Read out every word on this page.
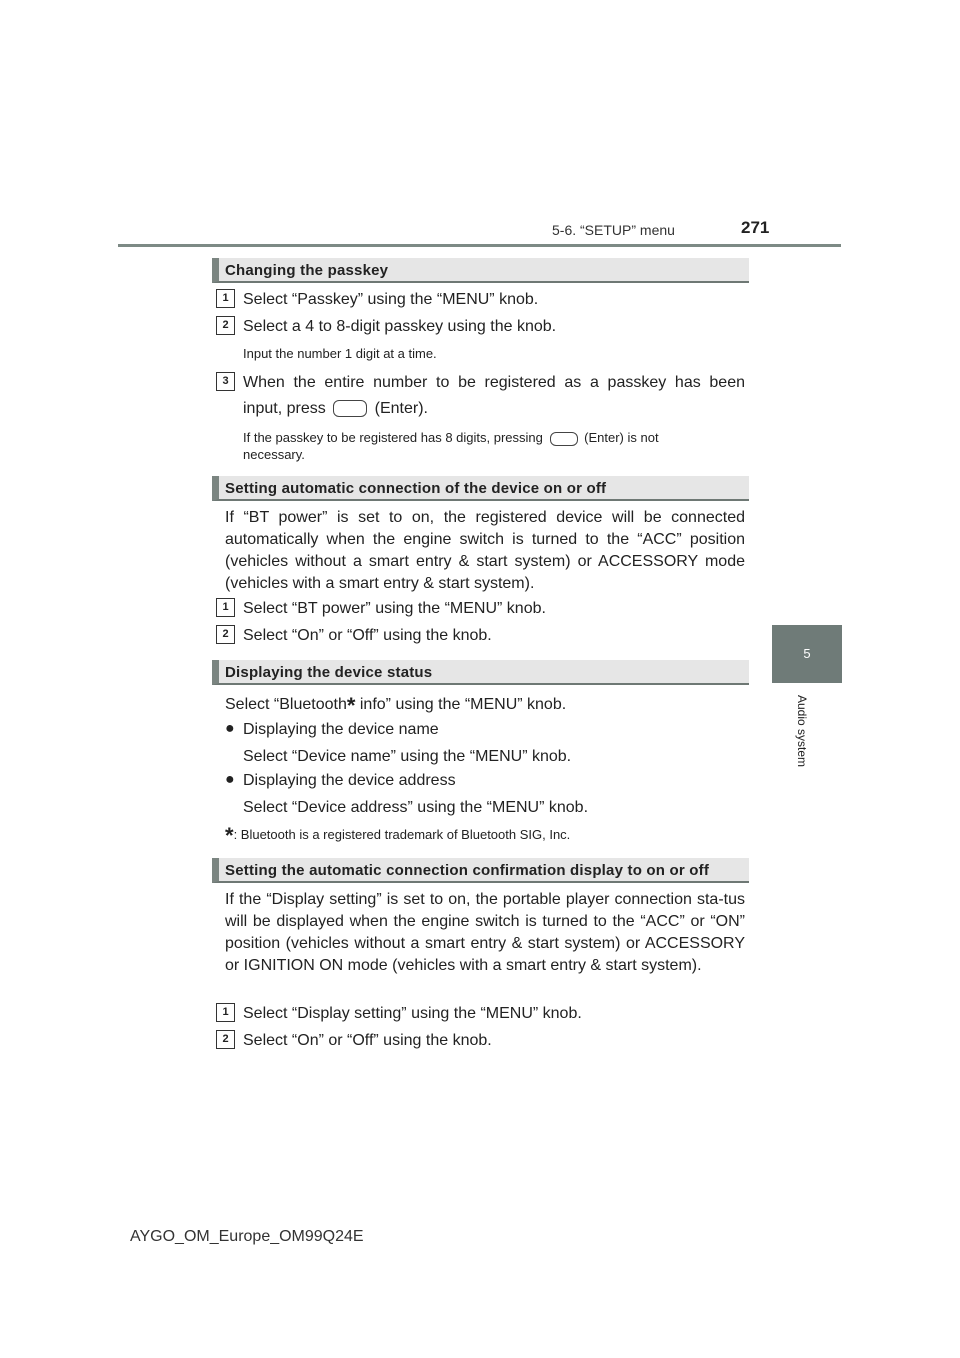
5-6. “SETUP” menu	271
5
Audio system
Changing the passkey
1 Select “Passkey” using the “MENU” knob.
2 Select a 4 to 8-digit passkey using the knob.
Input the number 1 digit at a time.
3 When the entire number to be registered as a passkey has been
input, press	(Enter).
If the passkey to be registered has 8 digits, pressing	(Enter) is not
necessary.
Setting automatic connection of the device on or off
If “BT power” is set to on, the registered device will be connected automatically when the engine switch is turned to the “ACC” position (vehicles without a smart entry & start system) or ACCESSORY mode (vehicles with a smart entry & start system).
1 Select “BT power” using the “MENU” knob.
2 Select “On” or “Off” using the knob.
Displaying the device status
Select “Bluetooth* info” using the “MENU” knob.
● Displaying the device name
Select “Device name” using the “MENU” knob.
● Displaying the device address
Select “Device address” using the “MENU” knob.
*: Bluetooth is a registered trademark of Bluetooth SIG, Inc.
Setting the automatic connection confirmation display to on or off
If the “Display setting” is set to on, the portable player connection sta-tus will be displayed when the engine switch is turned to the “ACC” or “ON” position (vehicles without a smart entry & start system) or ACCESSORY or IGNITION ON mode (vehicles with a smart entry & start system).
1 Select “Display setting” using the “MENU” knob.
2 Select “On” or “Off” using the knob.
AYGO_OM_Europe_OM99Q24E
